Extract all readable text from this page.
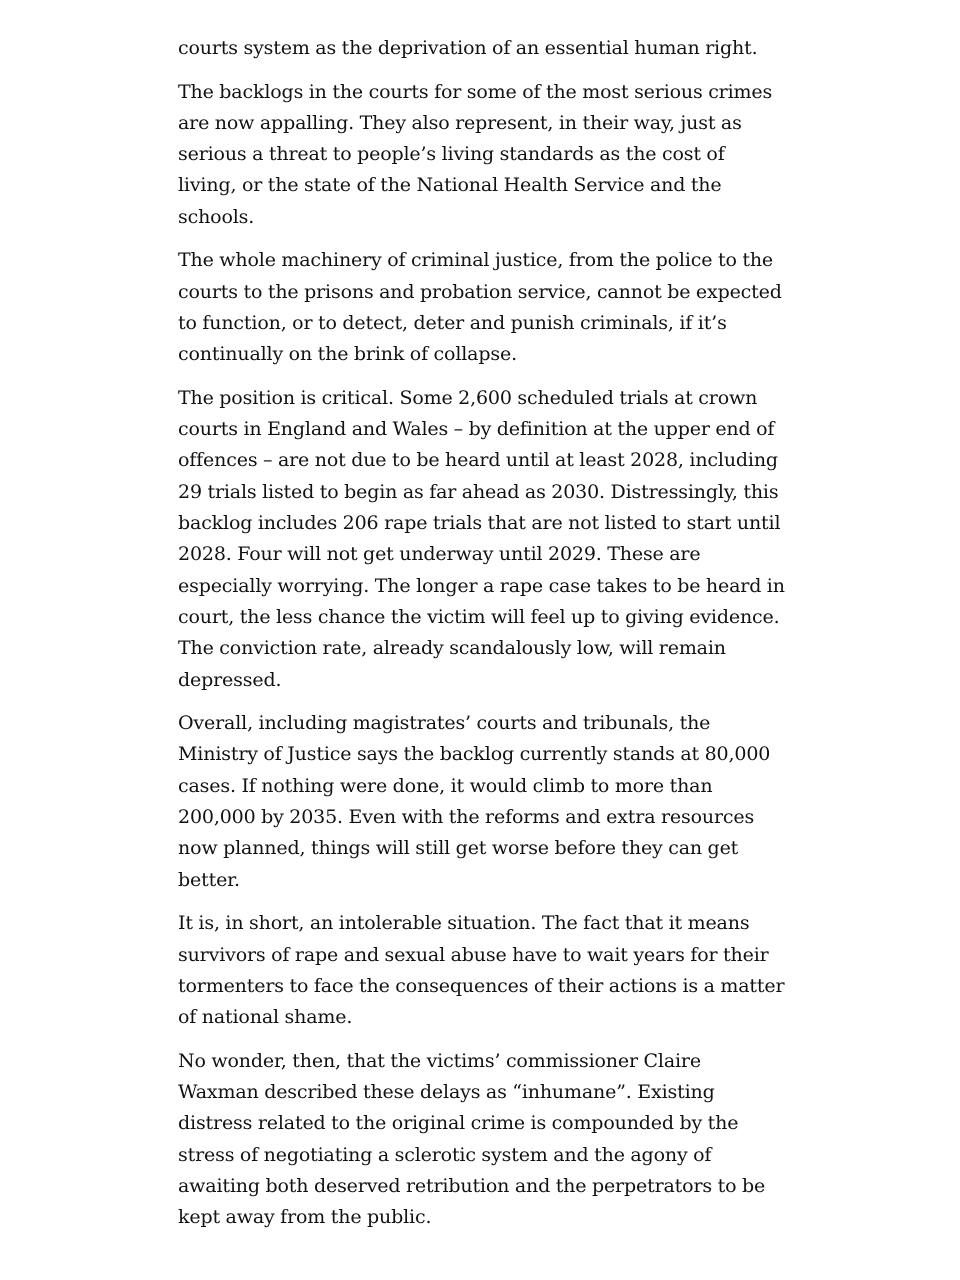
courts system as the deprivation of an essential human right.

The backlogs in the courts for some of the most serious crimes are now appalling. They also represent, in their way, just as serious a threat to people’s living standards as the cost of living, or the state of the National Health Service and the schools.

The whole machinery of criminal justice, from the police to the courts to the prisons and probation service, cannot be expected to function, or to detect, deter and punish criminals, if it’s continually on the brink of collapse.

The position is critical. Some 2,600 scheduled trials at crown courts in England and Wales – by definition at the upper end of offences – are not due to be heard until at least 2028, including 29 trials listed to begin as far ahead as 2030. Distressingly, this backlog includes 206 rape trials that are not listed to start until 2028. Four will not get underway until 2029. These are especially worrying. The longer a rape case takes to be heard in court, the less chance the victim will feel up to giving evidence. The conviction rate, already scandalously low, will remain depressed.

Overall, including magistrates’ courts and tribunals, the Ministry of Justice says the backlog currently stands at 80,000 cases. If nothing were done, it would climb to more than 200,000 by 2035. Even with the reforms and extra resources now planned, things will still get worse before they can get better.

It is, in short, an intolerable situation. The fact that it means survivors of rape and sexual abuse have to wait years for their tormenters to face the consequences of their actions is a matter of national shame.

No wonder, then, that the victims’ commissioner Claire Waxman described these delays as “inhumane”. Existing distress related to the original crime is compounded by the stress of negotiating a sclerotic system and the agony of awaiting both deserved retribution and the perpetrators to be kept away from the public.
